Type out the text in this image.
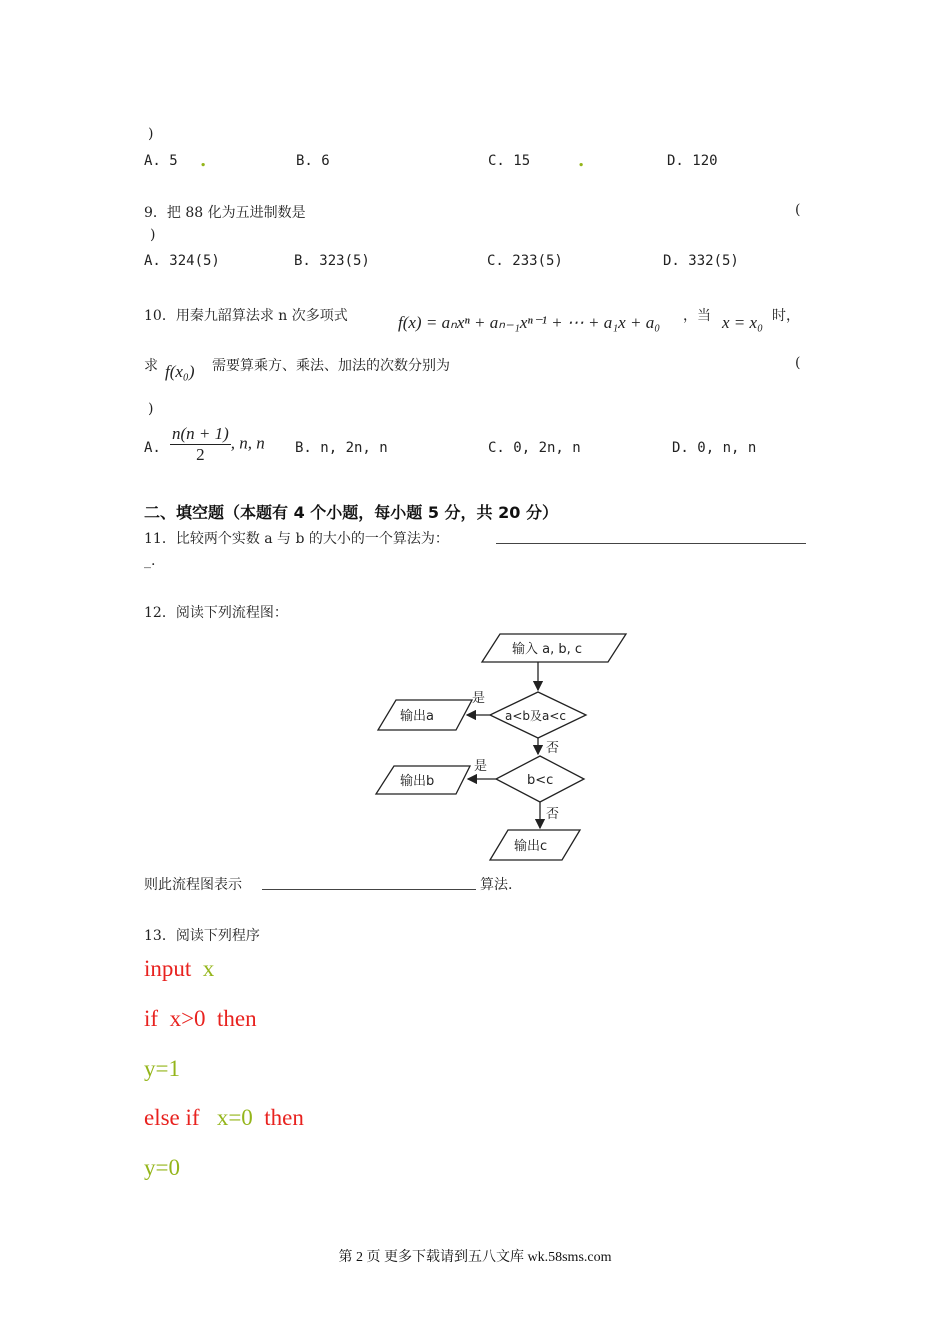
)
A. 5 .	B. 6	C. 15	.	D. 120
9．把 88 化为五进制数是	(
)
A. 324(5)	B. 323(5)	C. 233(5)	D. 332(5)
10．用秦九韶算法求 n 次多项式	f(x) = aₙxⁿ + aₙ₋₁xⁿ⁻¹ + ⋯ + a₁x + a₀ ，当 x = x₀ 时，
求 f(x₀) 需要算乘方、乘法、加法的次数分别为	(
)
A. $\frac{n(n + 1)}{2}$ , n, n B. n, 2n, n	C. 0, 2n, n	D. 0, n, n
二、填空题（本题有 4 个小题，每小题 5 分，共 20 分）
11．比较两个实数 a 与 b 的大小的一个算法为：
_.
12．阅读下列流程图：
输入 a, b, c
a<b及a<c
是
输出a
否
b<c
是
输出b
否
输出c
则此流程图表示	算法.
13．阅读下列程序
input x
if x>0 then
y=1
else if x=0 then
y=0
第 2 页 更多下载请到五八文库 wk.58sms.com
